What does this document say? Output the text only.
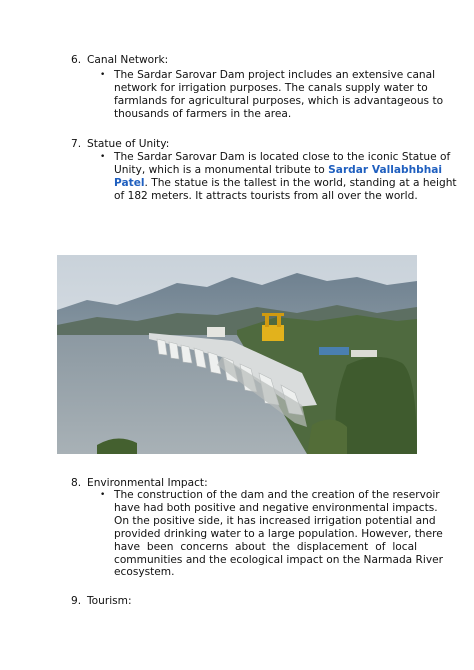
6. Canal Network:
• The Sardar Sarovar Dam project includes an extensive canal
network for irrigation purposes. The canals supply water to
farmlands for agricultural purposes, which is advantageous to
thousands of farmers in the area.
7. Statue of Unity:
• The Sardar Sarovar Dam is located close to the iconic Statue of
Unity, which is a monumental tribute to Sardar Vallabhbhai
Patel. The statue is the tallest in the world, standing at a height
of 182 meters. It attracts tourists from all over the world.
8. Environmental Impact:
• The construction of the dam and the creation of the reservoir
have had both positive and negative environmental impacts.
On the positive side, it has increased irrigation potential and
provided drinking water to a large population. However, there
have been concerns about the displacement of local
communities and the ecological impact on the Narmada River
ecosystem.
9. Tourism:
